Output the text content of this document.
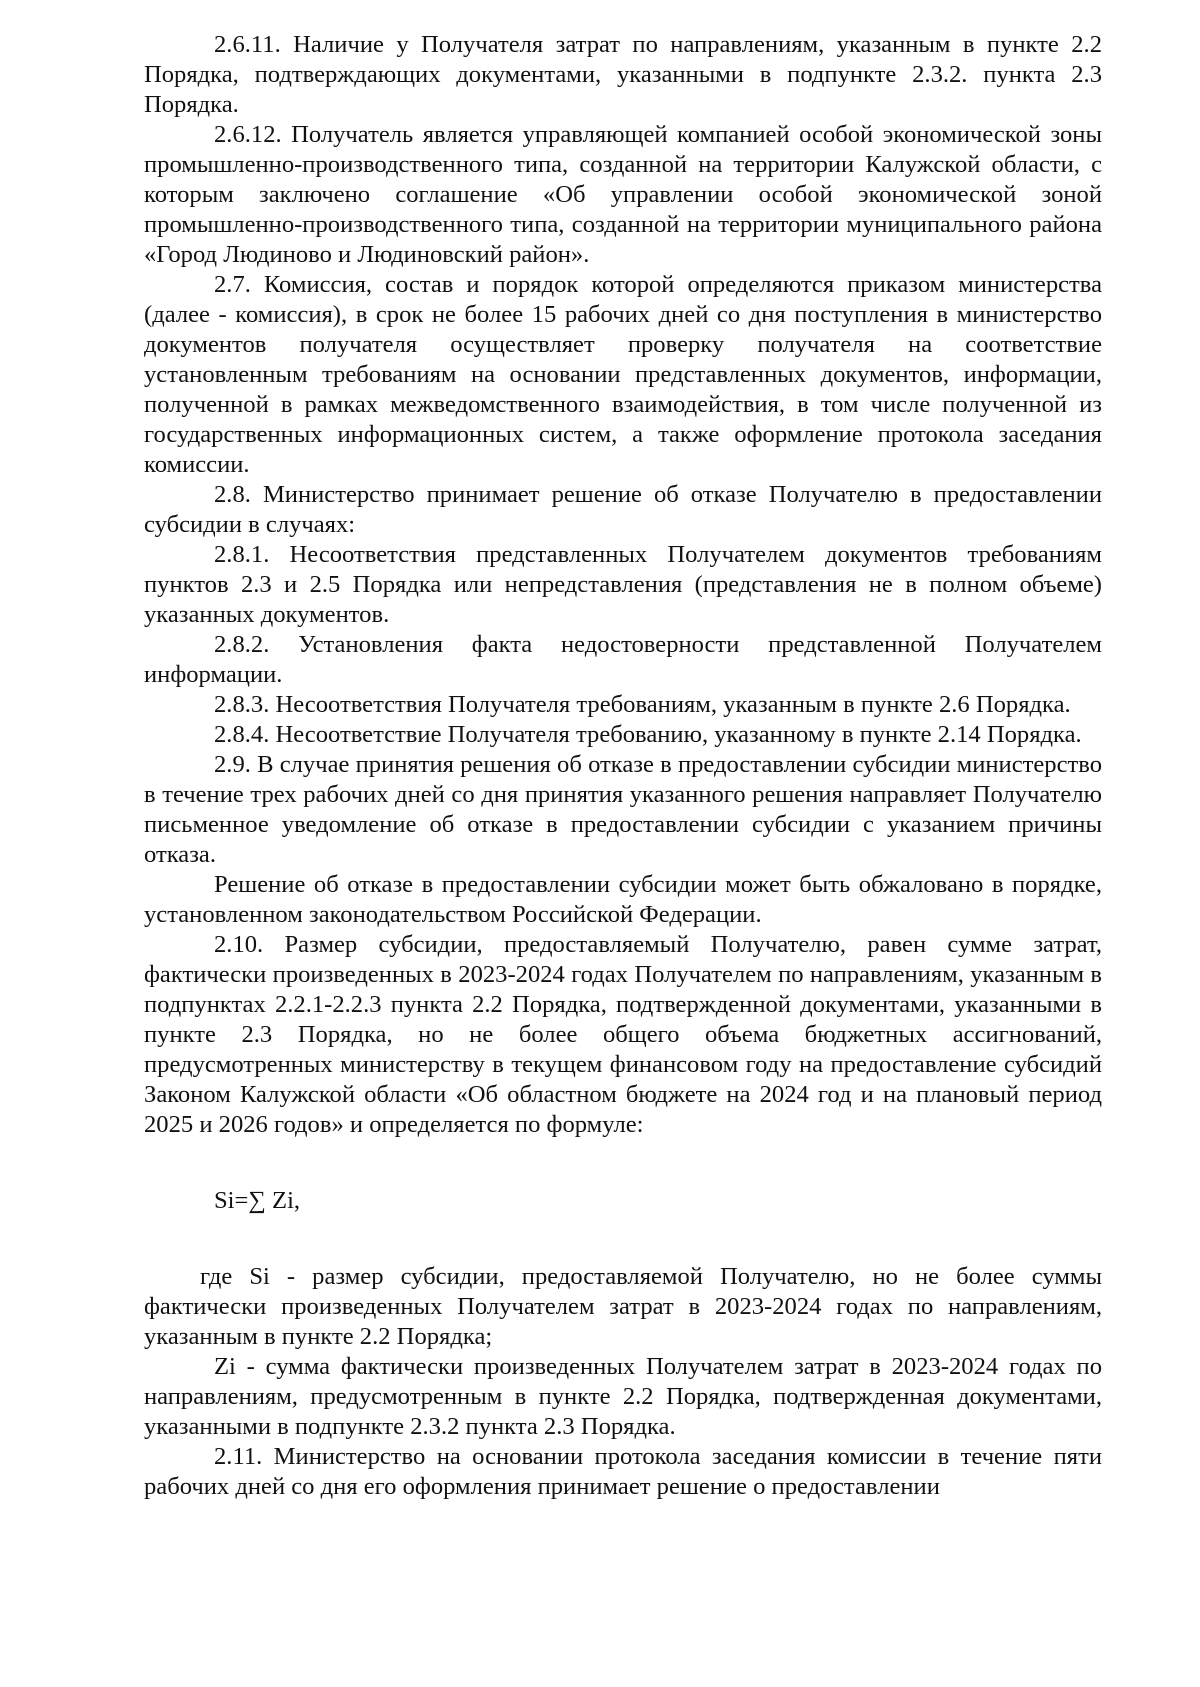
2.6.11. Наличие у Получателя затрат по направлениям, указанным в пункте 2.2 Порядка, подтверждающих документами, указанными в подпункте 2.3.2. пункта 2.3 Порядка.

2.6.12. Получатель является управляющей компанией особой экономической зоны промышленно-производственного типа, созданной на территории Калужской области, с которым заключено соглашение «Об управлении особой экономической зоной промышленно-производственного типа, созданной на территории муниципального района «Город Людиново и Людиновский район».

2.7. Комиссия, состав и порядок которой определяются приказом министерства (далее - комиссия), в срок не более 15 рабочих дней со дня поступления в министерство документов получателя осуществляет проверку получателя на соответствие установленным требованиям на основании представленных документов, информации, полученной в рамках межведомственного взаимодействия, в том числе полученной из государственных информационных систем, а также оформление протокола заседания комиссии.

2.8. Министерство принимает решение об отказе Получателю в предоставлении субсидии в случаях:

2.8.1. Несоответствия представленных Получателем документов требованиям пунктов 2.3 и 2.5 Порядка или непредставления (представления не в полном объеме) указанных документов.

2.8.2. Установления факта недостоверности представленной Получателем информации.

2.8.3. Несоответствия Получателя требованиям, указанным в пункте 2.6 Порядка.

2.8.4. Несоответствие Получателя требованию, указанному в пункте 2.14 Порядка.

2.9. В случае принятия решения об отказе в предоставлении субсидии министерство в течение трех рабочих дней со дня принятия указанного решения направляет Получателю письменное уведомление об отказе в предоставлении субсидии с указанием причины отказа.

Решение об отказе в предоставлении субсидии может быть обжаловано в порядке, установленном законодательством Российской Федерации.

2.10. Размер субсидии, предоставляемый Получателю, равен сумме затрат, фактически произведенных в 2023-2024 годах Получателем по направлениям, указанным в подпунктах 2.2.1-2.2.3 пункта 2.2 Порядка, подтвержденной документами, указанными в пункте 2.3 Порядка, но не более общего объема бюджетных ассигнований, предусмотренных министерству в текущем финансовом году на предоставление субсидий Законом Калужской области «Об областном бюджете на 2024 год и на плановый период 2025 и 2026 годов» и определяется по формуле:

Si=∑ Zi,

где Si - размер субсидии, предоставляемой Получателю, но не более суммы фактически произведенных Получателем затрат в 2023-2024 годах по направлениям, указанным в пункте 2.2 Порядка;

Zi - сумма фактически произведенных Получателем затрат в 2023-2024 годах по направлениям, предусмотренным в пункте 2.2 Порядка, подтвержденная документами, указанными в подпункте 2.3.2 пункта 2.3 Порядка.

2.11. Министерство на основании протокола заседания комиссии в течение пяти рабочих дней со дня его оформления принимает решение о предоставлении
